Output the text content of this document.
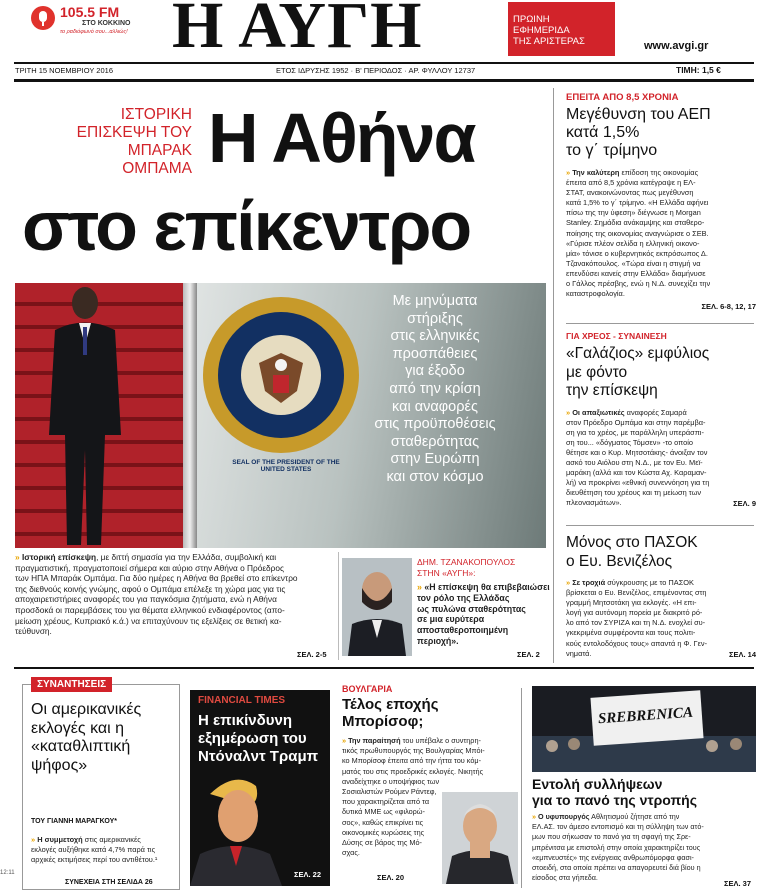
105.5 FM
ΣΤΟ ΚΟΚΚΙΝΟ
το ραδιόφωνό σου...αλλιώς! Η ΑΥΓΗ	ΠΡΩΙΝΗ
ΕΦΗΜΕΡΙΔΑ
ΤΗΣ ΑΡΙΣΤΕΡΑΣ	www.avgi.gr
ΤΡΙΤΗ 15 ΝΟΕΜΒΡΙΟΥ 2016	ΕΤΟΣ ΙΔΡΥΣΗΣ 1952 · Β' ΠΕΡΙΟΔΟΣ · ΑΡ. ΦΥΛΛΟΥ 12737	ΤΙΜΗ: 1,5 €
ΙΣΤΟΡΙΚΗ
ΕΠΙΣΚΕΨΗ ΤΟΥ
ΜΠΑΡΑΚ ΟΜΠΑΜΑ Η Αθήνα
στο επίκεντρο
SEAL OF THE PRESIDENT OF THE UNITED STATES
Με μηνύματα
στήριξης
στις ελληνικές
προσπάθειες
για έξοδο
από την κρίση
και αναφορές
στις προϋποθέσεις
σταθερότητας
στην Ευρώπη
και στον κόσμο
» Ιστορική επίσκεψη, με διττή σημασία για την Ελλάδα, συμβολική και
πραγματιστική, πραγματοποιεί σήμερα και αύριο στην Αθήνα ο Πρόεδρος
των ΗΠΑ Μπαράκ Ομπάμα. Για δύο ημέρες η Αθήνα θα βρεθεί στο επίκεντρο
της διεθνούς κοινής γνώμης, αφού ο Ομπάμα επέλεξε τη χώρα μας για τις
αποχαιρετιστήριες αναφορές του για παγκόσμια ζητήματα, ενώ η Αθήνα
προσδοκά οι παρεμβάσεις του για θέματα ελληνικού ενδιαφέροντος (απο-
μείωση χρέους, Κυπριακό κ.ά.) να επιταχύνουν τις εξελίξεις σε θετική κα-
τεύθυνση.
ΣΕΛ. 2-5
ΔΗΜ. ΤΖΑΝΑΚΟΠΟΥΛΟΣ
ΣΤΗΝ «ΑΥΓΗ»:
» «Η επίσκεψη θα επιβεβαιώσει
τον ρόλο της Ελλάδας
ως πυλώνα σταθερότητας
σε μια ευρύτερα
αποσταθεροποιημένη
περιοχή».
ΣΕΛ. 2
ΕΠΕΙΤΑ ΑΠΟ 8,5 ΧΡΟΝΙΑ
Μεγέθυνση του ΑΕΠ
κατά 1,5%
το γ΄ τρίμηνο
» Την καλύτερη επίδοση της οικονομίας
έπειτα από 8,5 χρόνια κατέγραψε η ΕΛ-
ΣΤΑΤ, ανακοινώνοντας πως μεγέθυνση
κατά 1,5% το γ΄ τρίμηνο. «Η Ελλάδα αφήνει
πίσω της την ύφεση» διέγνωσε η Morgan
Stanley. Σημάδια ανάκαμψης και σταθερο-
ποίησης της οικονομίας αναγνώρισε ο ΣΕΒ.
«Γύρισε πλέον σελίδα η ελληνική οικονο-
μία» τόνισε ο κυβερνητικός εκπρόσωπος Δ.
Τζανακόπουλος. «Τώρα είναι η στιγμή να
επενδύσει κανείς στην Ελλάδα» διαμήνυσε
ο Γάλλος πρέσβης, ενώ η Ν.Δ. συνεχίζει την
καταστροφολογία.
ΣΕΛ. 6-8, 12, 17
ΓΙΑ ΧΡΕΟΣ - ΣΥΝΑΙΝΕΣΗ
«Γαλάζιος» εμφύλιος
με φόντο
την επίσκεψη
» Οι απαξιωτικές αναφορές Σαμαρά
στον Πρόεδρο Ομπάμα και στην παρέμβα-
ση για το χρέος, με παράλληλη υπεράσπι-
ση του... «δόγματος Τόμσεν» -το οποίο
θέτησε και ο Κυρ. Μητσοτάκης- άνοιξαν τον
ασκό του Αιόλου στη Ν.Δ., με τον Ευ. Μεϊ-
μαράκη (αλλά και τον Κώστα Αχ. Καραμαν-
λή) να προκρίνει «εθνική συνεννόηση για τη
διευθέτηση του χρέους και τη μείωση των
πλεονασμάτων».	ΣΕΛ. 9
Μόνος στο ΠΑΣΟΚ
ο Ευ. Βενιζέλος
» Σε τροχιά σύγκρουσης με το ΠΑΣΟΚ
βρίσκεται ο Ευ. Βενιζέλος, επιμένοντας στη
γραμμή Μητσοτάκη για εκλογές. «Η επι-
λογή για αυτόνομη πορεία με διακριτό ρό-
λο από τον ΣΥΡΙΖΑ και τη Ν.Δ. ενοχλεί συ-
γκεκριμένα συμφέροντα και τους πολιτι-
κούς εντολοδόχους τους» απαντά η Φ. Γεν-
νηματά.	ΣΕΛ. 14
ΣΥΝΑΝΤΗΣΕΙΣ
Οι αμερικανικές
εκλογές και η
«καταθλιπτική
ψήφος»
ΤΟΥ ΓΙΑΝΝΗ ΜΑΡΑΓΚΟΥ*
» Η συμμετοχή στις αμερικανικές
εκλογές αυξήθηκε κατά 4,7% παρά τις
αρχικές εκτιμήσεις περί του αντιθέτου.¹
ΣΥΝΕΧΕΙΑ ΣΤΗ ΣΕΛΙΔΑ 26
12:11
FINANCIAL TIMES
Η επικίνδυνη
εξημέρωση του
Ντόναλντ Τραμπ
ΣΕΛ. 22
ΒΟΥΛΓΑΡΙΑ
Τέλος εποχής
Μπορίσοφ;
» Την παραίτησή του υπέβαλε ο συντηρη-
τικός πρωθυπουργός της Βουλγαρίας Μπόι-
κο Μπορίσοφ έπειτα από την ήττα του κόμ-
ματός του στις προεδρικές εκλογές. Νικητής
αναδείχτηκε ο υποψήφιος των
Σοσιαλιστών Ρούμεν Ράντεφ,
που χαρακτηρίζεται από τα
δυτικά ΜΜΕ ως «φιλορώ-
σος», καθώς επικρίνει τις
οικονομικές κυρώσεις της
Δύσης σε βάρος της Μό-
σχας.
ΣΕΛ. 20
SREBRENICA
Εντολή συλλήψεων
για το πανό της ντροπής
» Ο υφυπουργός Αθλητισμού ζήτησε από την
ΕΛ.ΑΣ. τον άμεσο εντοπισμό και τη σύλληψη των ατό-
μων που σήκωσαν το πανό για τη σφαγή της Σρε-
μπρένιτσα με επιστολή στην οποία χαρακτηρίζει τους
«εμπνευστές» της ενέργειας ανθρωπόμορφα φασι-
στοειδή, στα οποία πρέπει να απαγορευτεί διά βίου η
είσοδος στα γήπεδα.
ΣΕΛ. 37
